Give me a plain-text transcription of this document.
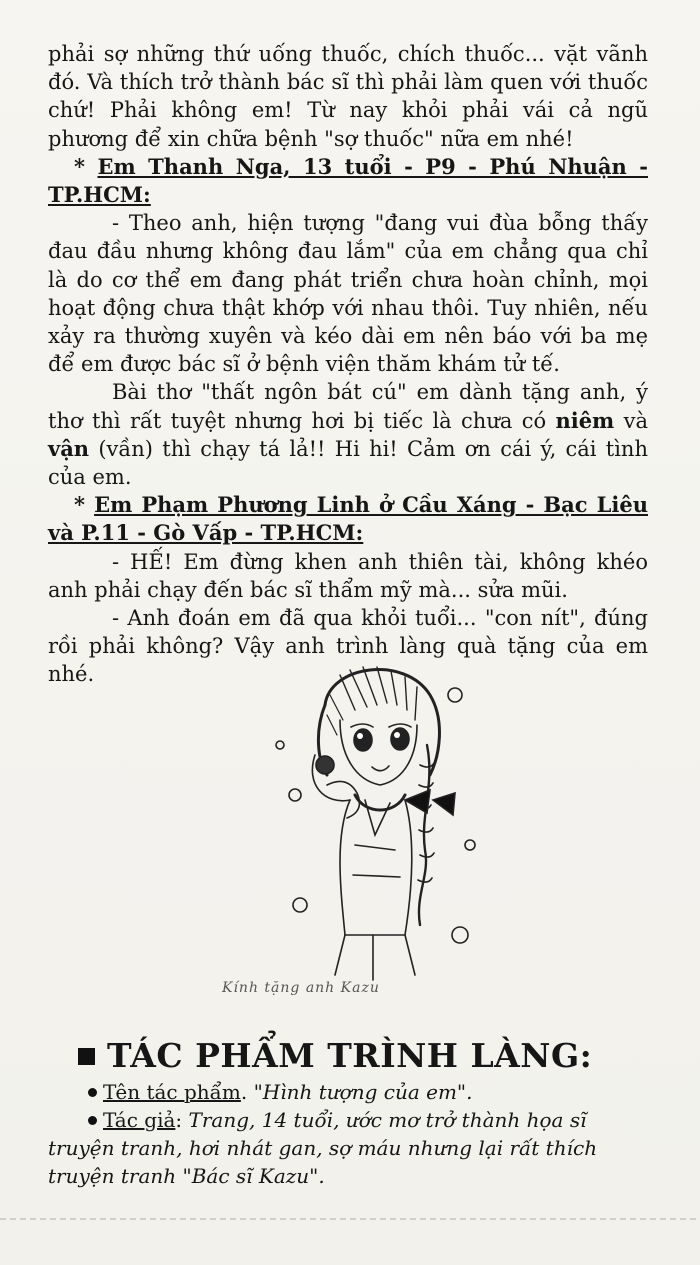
phải sợ những thứ uống thuốc, chích thuốc... vặt vãnh đó. Và thích trở thành bác sĩ thì phải làm quen với thuốc chứ! Phải không em! Từ nay khỏi phải vái cả ngũ phương để xin chữa bệnh "sợ thuốc" nữa em nhé!

* Em Thanh Nga, 13 tuổi - P9 - Phú Nhuận - TP.HCM:

- Theo anh, hiện tượng "đang vui đùa bỗng thấy đau đầu nhưng không đau lắm" của em chẳng qua chỉ là do cơ thể em đang phát triển chưa hoàn chỉnh, mọi hoạt động chưa thật khớp với nhau thôi. Tuy nhiên, nếu xảy ra thường xuyên và kéo dài em nên báo với ba mẹ để em được bác sĩ ở bệnh viện thăm khám tử tế.

Bài thơ "thất ngôn bát cú" em dành tặng anh, ý thơ thì rất tuyệt nhưng hơi bị tiếc là chưa có niêm và vận (vần) thì chạy tá lả!! Hi hi! Cảm ơn cái ý, cái tình của em.

* Em Phạm Phương Linh ở Cầu Xáng - Bạc Liêu và P.11 - Gò Vấp - TP.HCM:

- HẾ! Em đừng khen anh thiên tài, không khéo anh phải chạy đến bác sĩ thẩm mỹ mà... sửa mũi.

- Anh đoán em đã qua khỏi tuổi... "con nít", đúng rồi phải không? Vậy anh trình làng quà tặng của em nhé.

Kính tặng anh Kazu
TÁC PHẨM TRÌNH LÀNG:

Tên tác phẩm. "Hình tượng của em".

Tác giả: Trang, 14 tuổi, ước mơ trở thành họa sĩ truyện tranh, hơi nhát gan, sợ máu nhưng lại rất thích truyện tranh "Bác sĩ Kazu".
